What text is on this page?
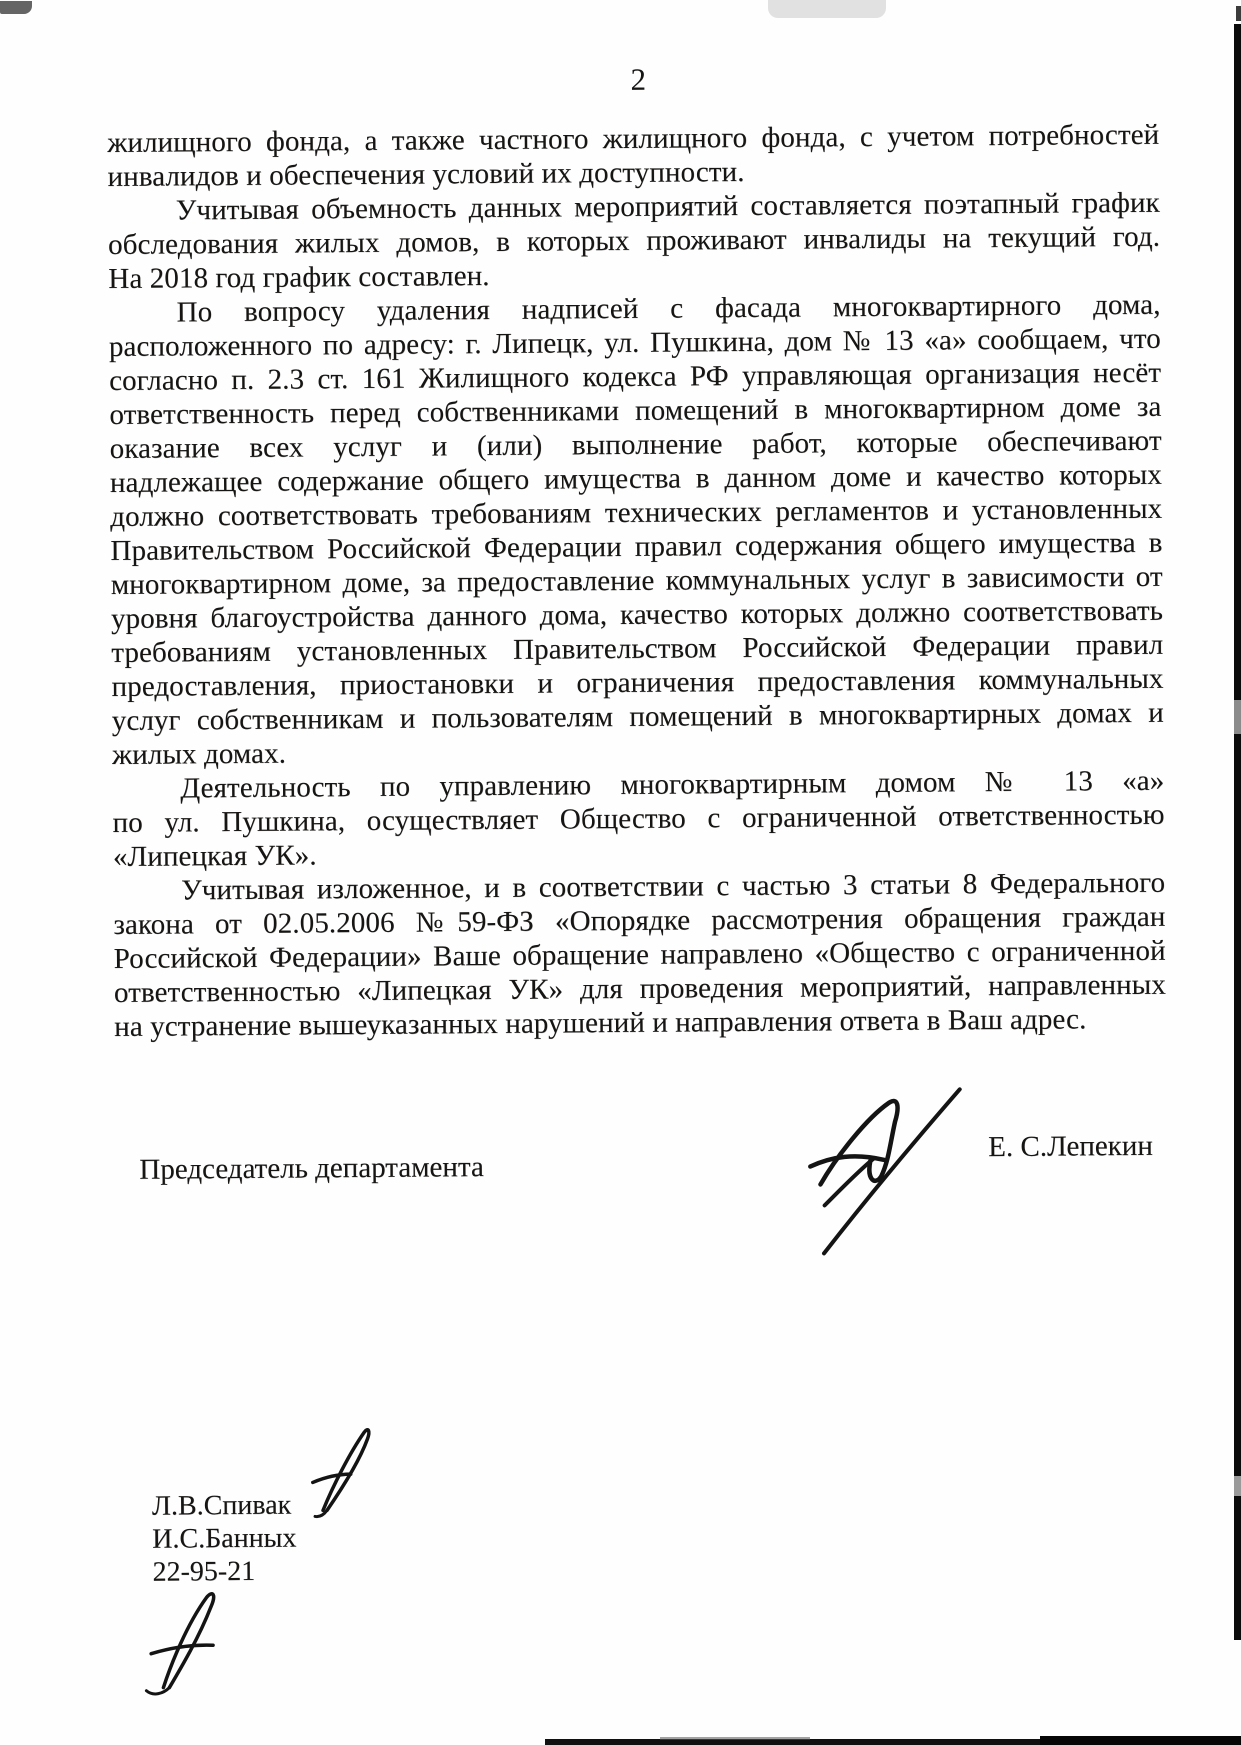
2
жилищного фонда, а также частного жилищного фонда, с учетом потребностей
инвалидов и обеспечения условий их доступности.
Учитывая объемность данных мероприятий составляется поэтапный график
обследования жилых домов, в которых проживают инвалиды на текущий год.
На 2018 год график составлен.
По вопросу удаления надписей с фасада многоквартирного дома,
расположенного по адресу: г. Липецк, ул. Пушкина, дом № 13 «а» сообщаем, что
согласно п. 2.3 ст. 161 Жилищного кодекса РФ управляющая организация несёт
ответственность перед собственниками помещений в многоквартирном доме за
оказание всех услуг и (или) выполнение работ, которые обеспечивают
надлежащее содержание общего имущества в данном доме и качество которых
должно соответствовать требованиям технических регламентов и установленных
Правительством Российской Федерации правил содержания общего имущества в
многоквартирном доме, за предоставление коммунальных услуг в зависимости от
уровня благоустройства данного дома, качество которых должно соответствовать
требованиям установленных Правительством Российской Федерации правил
предоставления, приостановки и ограничения предоставления коммунальных
услуг собственникам и пользователям помещений в многоквартирных домах и
жилых домах.
Деятельность по управлению многоквартирным домом № 13 «а»
по ул. Пушкина, осуществляет Общество с ограниченной ответственностью
«Липецкая УК».
Учитывая изложенное, и в соответствии с частью 3 статьи 8 Федерального
закона от 02.05.2006 №59-ФЗ «Опорядке рассмотрения обращения граждан
Российской Федерации» Ваше обращение направлено «Общество с ограниченной
ответственностью «Липецкая УК» для проведения мероприятий, направленных
на устранение вышеуказанных нарушений и направления ответа в Ваш адрес.
Председатель департамента
Е. С.Лепекин
Л.В.Спивак
И.С.Банных
22-95-21
